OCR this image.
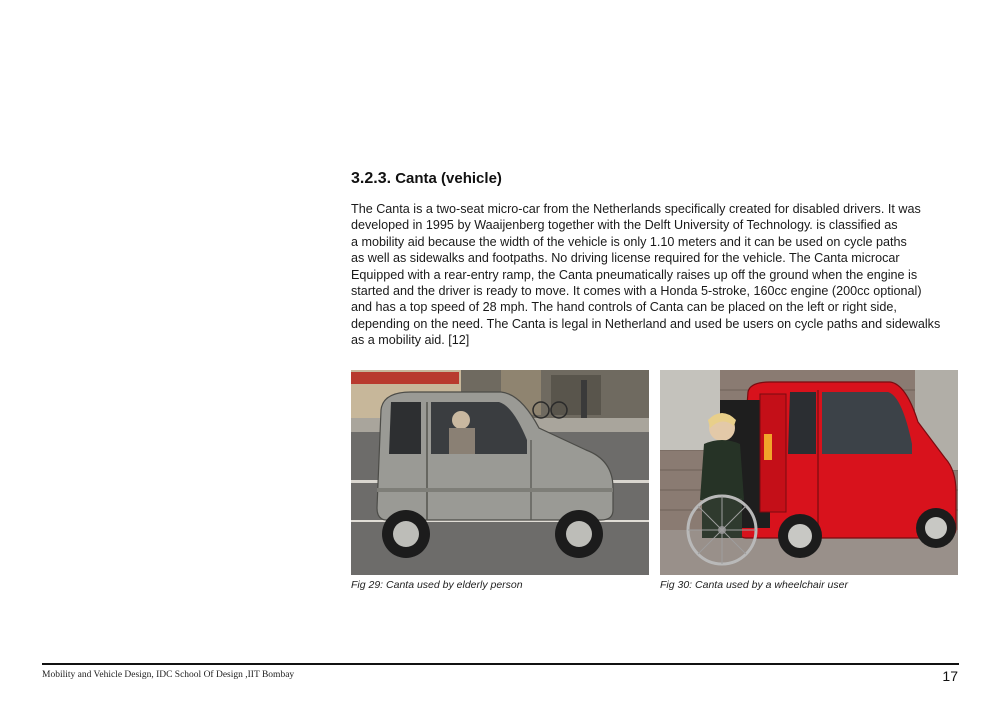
3.2.3. Canta (vehicle)

The Canta is a two-seat micro-car from the Netherlands specifically created for disabled drivers. It was
developed in 1995 by Waaijenberg together with the Delft University of Technology. is classified as
a mobility aid because the width of the vehicle is only 1.10 meters and it can be used on cycle paths
as well as sidewalks and footpaths. No driving license required for the vehicle. The Canta microcar
Equipped with a rear-entry ramp, the Canta pneumatically raises up off the ground when the engine is
started and the driver is ready to move. It comes with a Honda 5-stroke, 160cc engine (200cc optional)
and has a top speed of 28 mph. The hand controls of Canta can be placed on the left or right side,
depending on the need. The Canta is legal in Netherland and used be users on cycle paths and sidewalks
as a mobility aid. [12]

Fig 29: Canta used by elderly person	Fig 30: Canta used by a wheelchair user

Mobility and Vehicle Design, IDC School Of Design ,IIT Bombay	17
